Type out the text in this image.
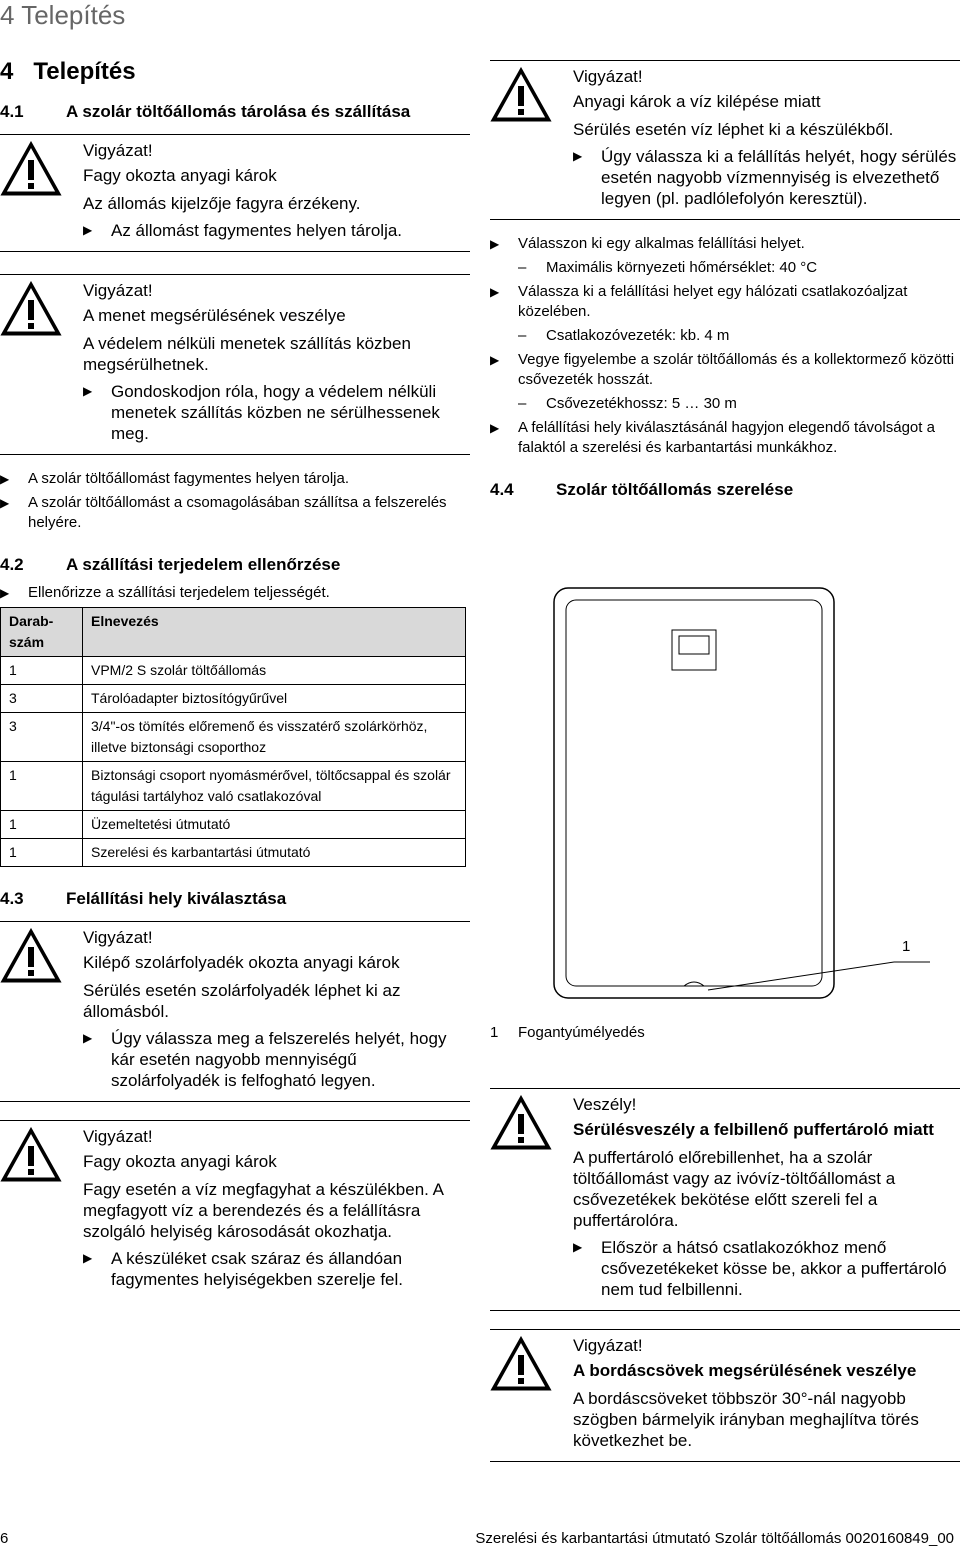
4 Telepítés
4 Telepítés
4.1	A szolár töltőállomás tárolása és szállítása
Vigyázat!
Fagy okozta anyagi károk
Az állomás kijelzője fagyra érzékeny.
▶	Az állomást fagymentes helyen tárolja.
Vigyázat!
A menet megsérülésének veszélye
A védelem nélküli menetek szállítás közben megsérülhetnek.
▶	Gondoskodjon róla, hogy a védelem nélküli menetek szállítás közben ne sérülhessenek meg.
▶	A szolár töltőállomást fagymentes helyen tárolja.
▶	A szolár töltőállomást a csomagolásában szállítsa a felszerelés helyére.
4.2	A szállítási terjedelem ellenőrzése
▶	Ellenőrizze a szállítási terjedelem teljességét.
Darab-szám	Elnevezés
1	VPM/2 S szolár töltőállomás
3	Tárolóadapter biztosítógyűrűvel
3	3/4"-os tömítés előremenő és visszatérő szolárkörhöz, illetve biztonsági csoporthoz
1	Biztonsági csoport nyomásmérővel, töltőcsappal és szolár tágulási tartályhoz való csatlakozóval
1	Üzemeltetési útmutató
1	Szerelési és karbantartási útmutató
4.3	Felállítási hely kiválasztása
Vigyázat!
Kilépő szolárfolyadék okozta anyagi károk
Sérülés esetén szolárfolyadék léphet ki az állomásból.
▶	Úgy válassza meg a felszerelés helyét, hogy kár esetén nagyobb mennyiségű szolárfolyadék is felfogható legyen.
Vigyázat!
Fagy okozta anyagi károk
Fagy esetén a víz megfagyhat a készülékben. A megfagyott víz a berendezés és a felállításra szolgáló helyiség károsodását okozhatja.
▶	A készüléket csak száraz és állandóan fagymentes helyiségekben szerelje fel.
Vigyázat!
Anyagi károk a víz kilépése miatt
Sérülés esetén víz léphet ki a készülékből.
▶	Úgy válassza ki a felállítás helyét, hogy sérülés esetén nagyobb vízmennyiség is elvezethető legyen (pl. padlólefolyón keresztül).
▶	Válasszon ki egy alkalmas felállítási helyet.
–	Maximális környezeti hőmérséklet: 40 °C
▶	Válassza ki a felállítási helyet egy hálózati csatlakozóaljzat közelében.
–	Csatlakozóvezeték: kb. 4 m
▶	Vegye figyelembe a szolár töltőállomás és a kollektormező közötti csővezeték hosszát.
–	Csővezetékhossz: 5 … 30 m
▶	A felállítási hely kiválasztásánál hagyjon elegendő távolságot a falaktól a szerelési és karbantartási munkákhoz.
4.4	Szolár töltőállomás szerelése
1
1	Fogantyúmélyedés
Veszély!
Sérülésveszély a felbillenő puffertároló miatt
A puffertároló előrebillenhet, ha a szolár töltőállomást vagy az ivóvíz-töltőállomást a csővezetékek bekötése előtt szereli fel a puffertárolóra.
▶	Először a hátsó csatlakozókhoz menő csővezetékeket kösse be, akkor a puffertároló nem tud felbillenni.
Vigyázat!
A bordáscsövek megsérülésének veszélye
A bordáscsöveket többször 30°-nál nagyobb szögben bármelyik irányban meghajlítva törés következhet be.
6	Szerelési és karbantartási útmutató Szolár töltőállomás 0020160849_00
